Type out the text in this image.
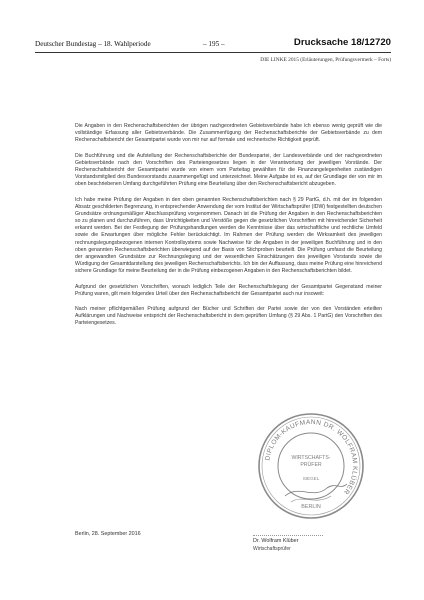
Deutscher Bundestag – 18. Wahlperiode	– 195 –	Drucksache 18/12720
DIE LINKE 2015 (Erläuterungen, Prüfungsvermerk – Forts)

Die Angaben in den Rechenschaftsberichten der übrigen nachgeordneten Gebietsverbände habe ich ebenso wenig geprüft wie die vollständige Erfassung aller Gebietsverbände. Die Zusammenfügung der Rechenschaftsberichte der Gebietsverbände zu dem Rechenschaftsbericht der Gesamtpartei wurde von mir nur auf formale und rechnerische Richtigkeit geprüft.

Die Buchführung und die Aufstellung der Rechenschaftsberichte der Bundespartei, der Landesverbände und der nachgeordneten Gebietsverbände nach den Vorschriften des Parteiengesetzes liegen in der Verantwortung der jeweiligen Vorstände. Der Rechenschaftsbericht der Gesamtpartei wurde von einem vom Parteitag gewählten für die Finanzangelegenheiten zuständigen Vorstandsmitglied des Bundesvorstands zusammengefügt und unterzeichnet. Meine Aufgabe ist es, auf der Grundlage der von mir im oben beschriebenen Umfang durchgeführten Prüfung eine Beurteilung über den Rechenschaftsbericht abzugeben.

Ich habe meine Prüfung der Angaben in den oben genannten Rechenschaftsberichten nach § 29 PartG, d.h. mit der im folgenden Absatz geschilderten Begrenzung, in entsprechender Anwendung der vom Institut der Wirtschaftsprüfer (IDW) festgestellten deutschen Grundsätze ordnungsmäßiger Abschlussprüfung vorgenommen. Danach ist die Prüfung der Angaben in den Rechenschaftsberichten so zu planen und durchzuführen, dass Unrichtigkeiten und Verstöße gegen die gesetzlichen Vorschriften mit hinreichender Sicherheit erkannt werden. Bei der Festlegung der Prüfungshandlungen werden die Kenntnisse über das wirtschaftliche und rechtliche Umfeld sowie die Erwartungen über mögliche Fehler berücksichtigt. Im Rahmen der Prüfung werden die Wirksamkeit des jeweiligen rechnungslegungsbezogenen internen Kontrollsystems sowie Nachweise für die Angaben in der jeweiligen Buchführung und in den oben genannten Rechenschaftsberichten überwiegend auf der Basis von Stichproben beurteilt. Die Prüfung umfasst die Beurteilung der angewandten Grundsätze zur Rechnungslegung und der wesentlichen Einschätzungen des jeweiligen Vorstands sowie die Würdigung der Gesamtdarstellung des jeweiligen Rechenschaftsberichts. Ich bin der Auffassung, dass meine Prüfung eine hinreichend sichere Grundlage für meine Beurteilung der in die Prüfung einbezogenen Angaben in den Rechenschaftsberichten bildet.

Aufgrund der gesetzlichen Vorschriften, wonach lediglich Teile der Rechenschaftslegung der Gesamtpartei Gegenstand meiner Prüfung waren, gilt mein folgendes Urteil über den Rechenschaftsbericht der Gesamtpartei auch nur insoweit:

Nach meiner pflichtgemäßen Prüfung aufgrund der Bücher und Schriften der Partei sowie der von den Vorständen erteilten Aufklärungen und Nachweise entspricht der Rechenschaftsbericht in dem geprüften Umfang (§ 29 Abs. 1 PartG) den Vorschriften des Parteiengesetzes.

DIPLOM-KAUFMANN DR. WOLFRAM KLÜBER
WIRTSCHAFTS-
PRÜFER
SIEGEL
BERLIN
Berlin, 28. September 2016
Dr. Wolfram Klüber
Wirtschaftsprüfer
